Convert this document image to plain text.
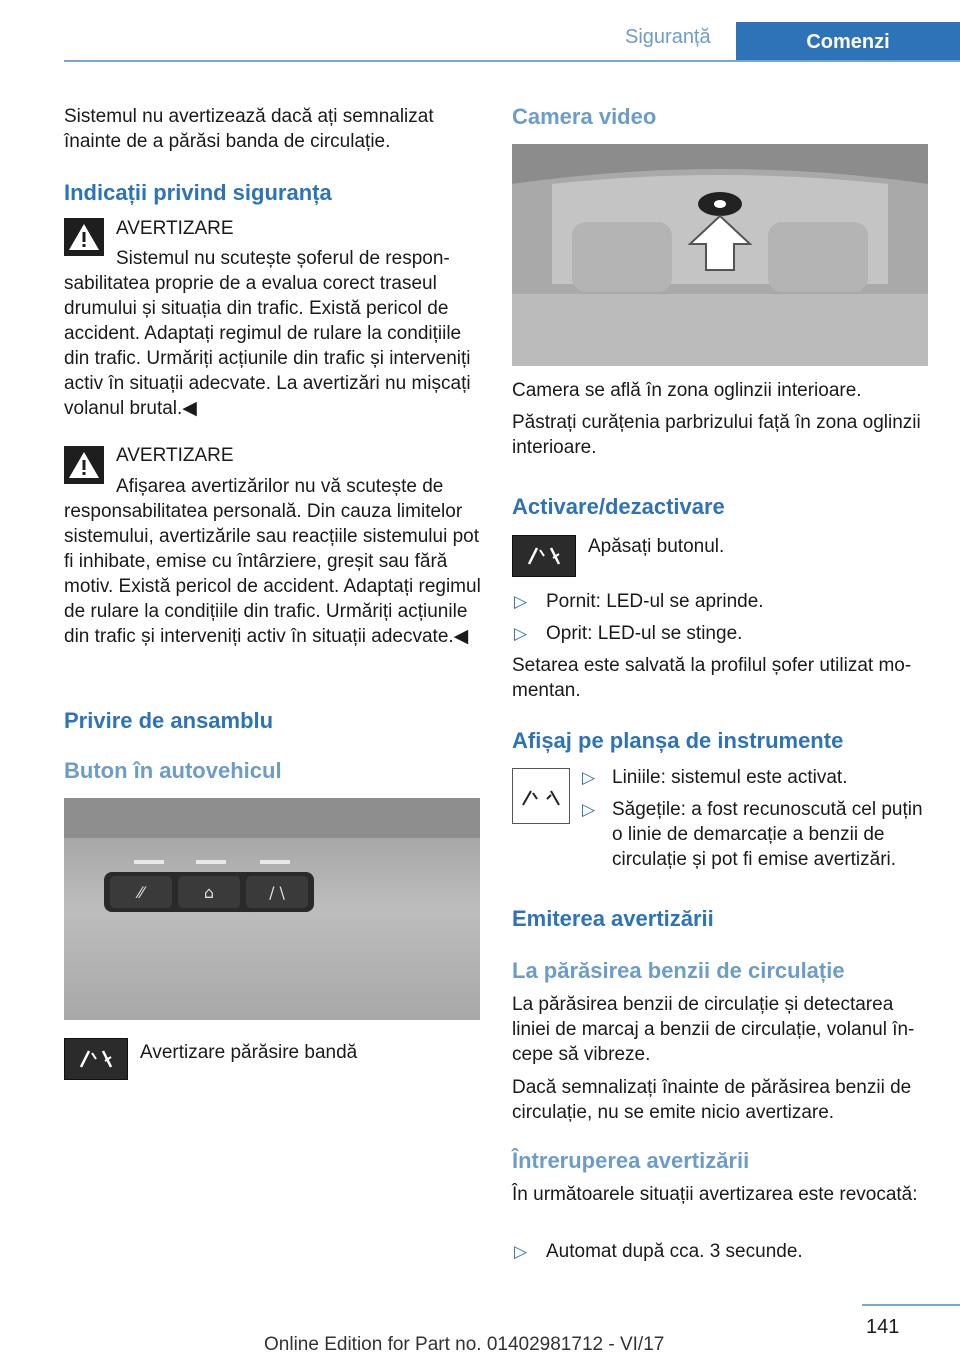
Siguranță	Comenzi

Sistemul nu avertizează dacă ați semnalizat înainte de a părăsi banda de circulație.

Indicații privind siguranța
AVERTIZARE
Sistemul nu scutește șoferul de responsabilitatea proprie de a evalua corect traseul drumului și situația din trafic. Există pericol de accident. Adaptați regimul de rulare la condițiile din trafic. Urmăriți acțiunile din trafic și interveniți activ în situații adecvate. La avertizări nu mișcați volanul brutal.◀
AVERTIZARE
Afișarea avertizărilor nu vă scutește de responsabilitatea personală. Din cauza limitelor sistemului, avertizările sau reacțiile sistemului pot fi inhibate, emise cu întârziere, greșit sau fără motiv. Există pericol de accident. Adaptați regimul de rulare la condițiile din trafic. Urmăriți acțiunile din trafic și interveniți activ în situații adecvate.◀
Privire de ansamblu
Buton în autovehicul
⁄⁄	⌂	/ \
Avertizare părăsire bandă
Camera video
Camera se află în zona oglinzii interioare.
Păstrați curățenia parbrizului față în zona oglinzii interioare.
Activare/dezactivare
Apăsați butonul.
▷ Pornit: LED-ul se aprinde.
▷ Oprit: LED-ul se stinge.
Setarea este salvată la profilul șofer utilizat momentan.
Afișaj pe planșa de instrumente
▷ Liniile: sistemul este activat.
▷ Săgețile: a fost recunoscută cel puțin o linie de demarcație a benzii de circulație și pot fi emise avertizări.
Emiterea avertizării
La părăsirea benzii de circulație
La părăsirea benzii de circulație și detectarea liniei de marcaj a benzii de circulație, volanul începe să vibreze.
Dacă semnalizați înainte de părăsirea benzii de circulație, nu se emite nicio avertizare.
Întreruperea avertizării
În următoarele situații avertizarea este revocată:
▷ Automat după cca. 3 secunde.
141
Online Edition for Part no. 01402981712 - VI/17
